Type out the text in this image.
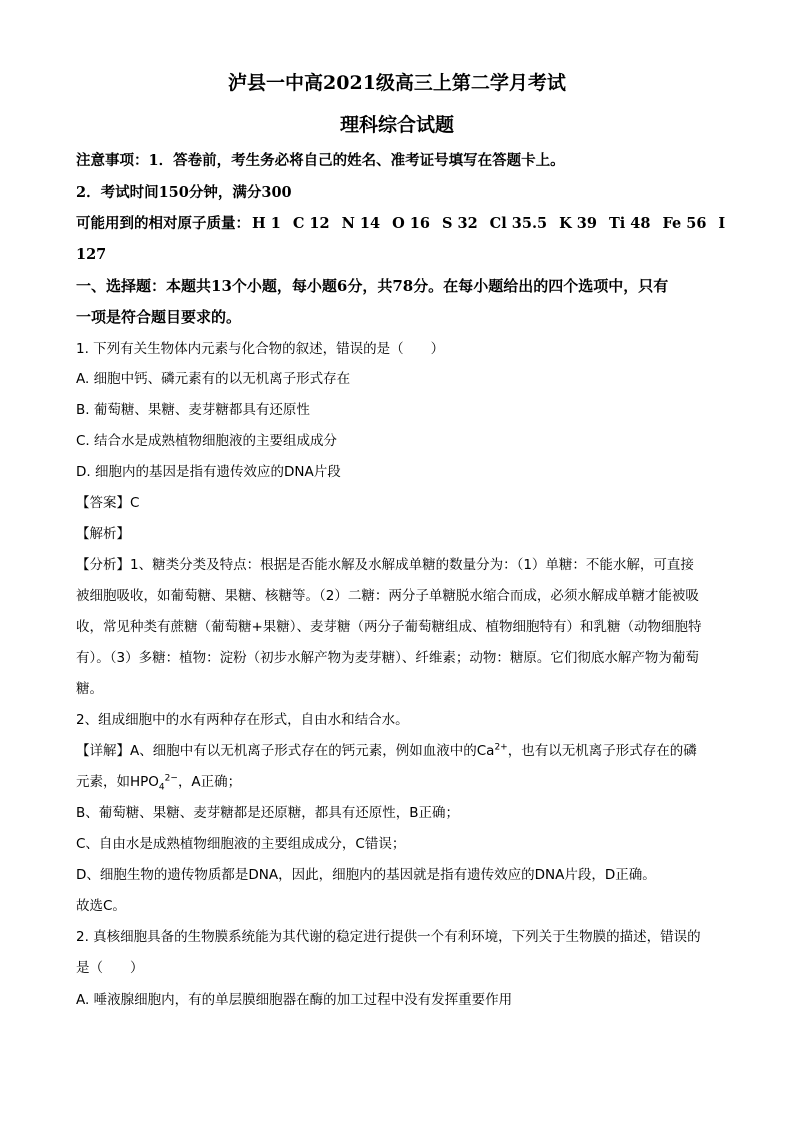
泸县一中高2021级高三上第二学月考试
理科综合试题
注意事项：1．答卷前，考生务必将自己的姓名、准考证号填写在答题卡上。
2．考试时间150分钟，满分300
可能用到的相对原子质量： H 1 C 12 N 14 O 16 S 32 Cl 35.5 K 39 Ti 48 Fe 56 I
127
一、选择题：本题共13个小题，每小题6分，共78分。在每小题给出的四个选项中，只有
一项是符合题目要求的。
1. 下列有关生物体内元素与化合物的叙述，错误的是（　　）
A. 细胞中钙、磷元素有的以无机离子形式存在
B. 葡萄糖、果糖、麦芽糖都具有还原性
C. 结合水是成熟植物细胞液的主要组成成分
D. 细胞内的基因是指有遗传效应的DNA片段
【答案】C
【解析】
【分析】1、糖类分类及特点：根据是否能水解及水解成单糖的数量分为：（1）单糖：不能水解，可直接
被细胞吸收，如葡萄糖、果糖、核糖等。（2）二糖：两分子单糖脱水缩合而成，必须水解成单糖才能被吸
收，常见种类有蔗糖（葡萄糖+果糖）、麦芽糖（两分子葡萄糖组成、植物细胞特有）和乳糖（动物细胞特
有）。（3）多糖：植物：淀粉（初步水解产物为麦芽糖）、纤维素；动物：糖原。它们彻底水解产物为葡萄
糖。
2、组成细胞中的水有两种存在形式，自由水和结合水。
【详解】A、细胞中有以无机离子形式存在的钙元素，例如血液中的$Ca^{2+}$，也有以无机离子形式存在的磷
元素，如$HPO_4^{2-}$，A正确；
B、葡萄糖、果糖、麦芽糖都是还原糖，都具有还原性，B正确；
C、自由水是成熟植物细胞液的主要组成成分，C错误；
D、细胞生物的遗传物质都是DNA，因此，细胞内的基因就是指有遗传效应的DNA片段，D正确。
故选C。
2. 真核细胞具备的生物膜系统能为其代谢的稳定进行提供一个有利环境，下列关于生物膜的描述，错误的
是（　　）
A. 唾液腺细胞内，有的单层膜细胞器在酶的加工过程中没有发挥重要作用
